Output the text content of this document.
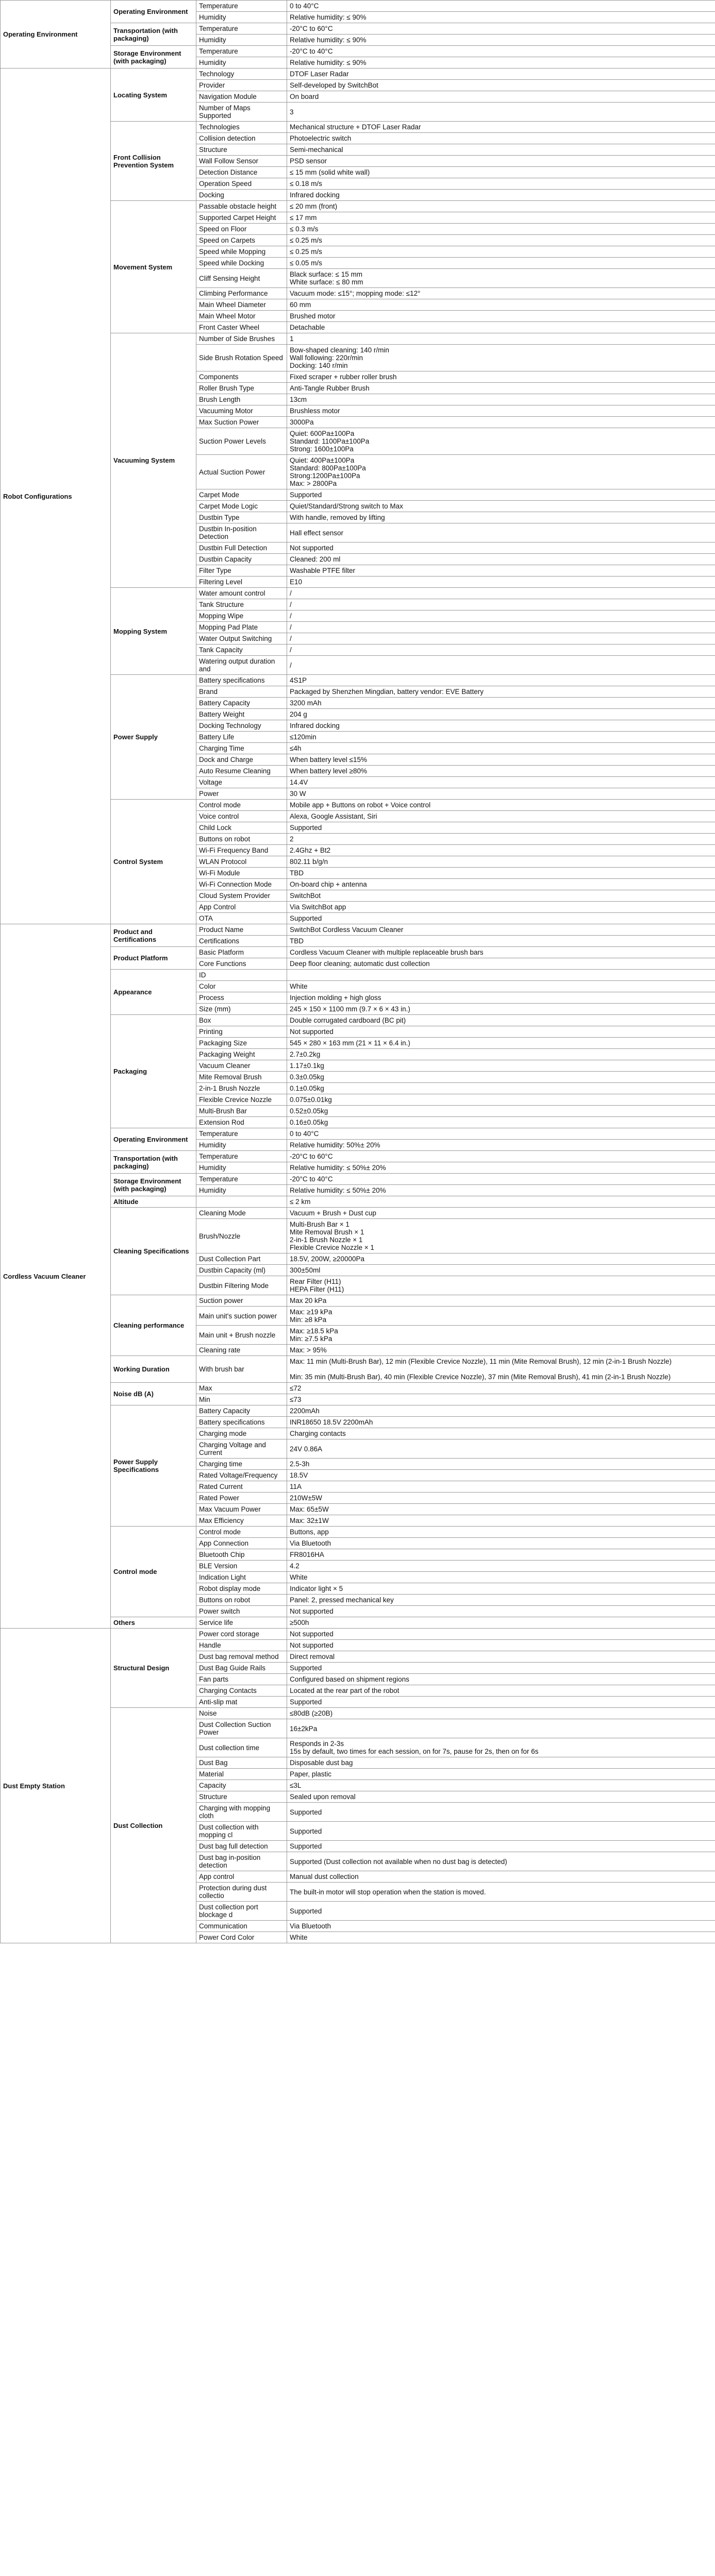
Operating Environment	Operating Environment	Temperature	0 to 40°C
		Humidity	Relative humidity: ≤ 90%
	Transportation (with packaging)	Temperature	-20°C to 60°C
		Humidity	Relative humidity: ≤ 90%
	Storage Environment (with packaging)	Temperature	-20°C to 40°C
		Humidity	Relative humidity: ≤ 90%
Robot Configurations	Locating System	Technology	DTOF Laser Radar
		Provider	Self-developed by SwitchBot
		Navigation Module	On board
		Number of Maps Supported	3
	Front Collision Prevention System	Technologies	Mechanical structure + DTOF Laser Radar
		Collision detection	Photoelectric switch
		Structure	Semi-mechanical
		Wall Follow Sensor	PSD sensor
		Detection Distance	≤ 15 mm (solid white wall)
		Operation Speed	≤ 0.18 m/s
		Docking	Infrared docking
	Movement System	Passable obstacle height	≤ 20 mm (front)
		Supported Carpet Height	≤ 17 mm
		Speed on Floor	≤ 0.3 m/s
		Speed on Carpets	≤ 0.25 m/s
		Speed while Mopping	≤ 0.25 m/s
		Speed while Docking	≤ 0.05 m/s
		Cliff Sensing Height	Black surface: ≤ 15 mm
White surface: ≤ 80 mm
		Climbing Performance	Vacuum mode: ≤15°; mopping mode: ≤12°
		Main Wheel Diameter	60 mm
		Main Wheel Motor	Brushed motor
		Front Caster Wheel	Detachable
	Vacuuming System	Number of Side Brushes	1
		Side Brush Rotation Speed	Bow-shaped cleaning: 140 r/min
Wall following: 220r/min
Docking: 140 r/min
		Components	Fixed scraper + rubber roller brush
		Roller Brush Type	Anti-Tangle Rubber Brush
		Brush Length	13cm
		Vacuuming Motor	Brushless motor
		Max Suction Power	3000Pa
		Suction Power Levels	Quiet: 600Pa±100Pa
Standard: 1100Pa±100Pa
Strong: 1600±100Pa
		Actual Suction Power	Quiet: 400Pa±100Pa
Standard: 800Pa±100Pa
Strong:1200Pa±100Pa
Max: > 2800Pa
		Carpet Mode	Supported
		Carpet Mode Logic	Quiet/Standard/Strong switch to Max
		Dustbin Type	With handle, removed by lifting
		Dustbin In-position Detection	Hall effect sensor
		Dustbin Full Detection	Not supported
		Dustbin Capacity	Cleaned: 200 ml
		Filter Type	Washable PTFE filter
		Filtering Level	E10
	Mopping System	Water amount control	/
		Tank Structure	/
		Mopping Wipe	/
		Mopping Pad Plate	/
		Water Output Switching	/
		Tank Capacity	/
		Watering output duration and	/
	Power Supply	Battery specifications	4S1P
		Brand	Packaged by Shenzhen Mingdian, battery vendor: EVE Battery
		Battery Capacity	3200 mAh
		Battery Weight	204 g
		Docking Technology	Infrared docking
		Battery Life	≤120min
		Charging Time	≤4h
		Dock and Charge	When battery level ≤15%
		Auto Resume Cleaning	When battery level ≥80%
		Voltage	14.4V
		Power	30 W
	Control System	Control mode	Mobile app + Buttons on robot + Voice control
		Voice control	Alexa, Google Assistant, Siri
		Child Lock	Supported
		Buttons on robot	2
		Wi-Fi Frequency Band	2.4Ghz + Bt2
		WLAN Protocol	802.11 b/g/n
		Wi-Fi Module	TBD
		Wi-Fi Connection Mode	On-board chip + antenna
		Cloud System Provider	SwitchBot
		App Control	Via SwitchBot app
		OTA	Supported
Cordless Vacuum Cleaner	Product and Certifications	Product Name	SwitchBot Cordless Vacuum Cleaner
		Certifications	TBD
	Product Platform	Basic Platform	Cordless Vacuum Cleaner with multiple replaceable brush bars
		Core Functions	Deep floor cleaning; automatic dust collection
	Appearance	ID	
		Color	White
		Process	Injection molding + high gloss
		Size (mm)	245 × 150 × 1100 mm (9.7 × 6 × 43 in.)
	Packaging	Box	Double corrugated cardboard (BC pit)
		Printing	Not supported
		Packaging Size	545 × 280 × 163 mm (21 × 11 × 6.4 in.)
		Packaging Weight	2.7±0.2kg
		Vacuum Cleaner	1.17±0.1kg
		Mite Removal Brush	0.3±0.05kg
		2-in-1 Brush Nozzle	0.1±0.05kg
		Flexible Crevice Nozzle	0.075±0.01kg
		Multi-Brush Bar	0.52±0.05kg
		Extension Rod	0.16±0.05kg
	Operating Environment	Temperature	0 to 40°C
		Humidity	Relative humidity: 50%± 20%
	Transportation (with packaging)	Temperature	-20°C to 60°C
		Humidity	Relative humidity: ≤ 50%± 20%
	Storage Environment (with packaging)	Temperature	-20°C to 40°C
		Humidity	Relative humidity: ≤ 50%± 20%
	Altitude		≤ 2 km
	Cleaning Specifications	Cleaning Mode	Vacuum + Brush + Dust cup
		Brush/Nozzle	Multi-Brush Bar × 1
Mite Removal Brush × 1
2-in-1 Brush Nozzle × 1
Flexible Crevice Nozzle × 1
		Dust Collection Part	18.5V, 200W, ≥20000Pa
		Dustbin Capacity (ml)	300±50ml
		Dustbin Filtering Mode	Rear Filter (H11)
HEPA Filter (H11)
	Cleaning performance	Suction power	Max 20 kPa
		Main unit's suction power	Max: ≥19 kPa
Min: ≥8 kPa
		Main unit + Brush nozzle	Max: ≥18.5 kPa
Min: ≥7.5 kPa
		Cleaning rate	Max: > 95%
	Working Duration	With brush bar	Max: 11 min (Multi-Brush Bar), 12 min (Flexible Crevice Nozzle), 11 min (Mite Removal Brush), 12 min (2-in-1 Brush Nozzle)

Min: 35 min (Multi-Brush Bar), 40 min (Flexible Crevice Nozzle), 37 min (Mite Removal Brush), 41 min (2-in-1 Brush Nozzle)
	Noise dB (A)	Max	≤72
		Min	≤73
	Power Supply Specifications	Battery Capacity	2200mAh
		Battery specifications	INR18650 18.5V 2200mAh
		Charging mode	Charging contacts
		Charging Voltage and Current	24V 0.86A
		Charging time	2.5-3h
		Rated Voltage/Frequency	18.5V
		Rated Current	11A
		Rated Power	210W±5W
		Max Vacuum Power	Max: 65±5W
		Max Efficiency	Max: 32±1W
	Control mode	Control mode	Buttons, app
		App Connection	Via Bluetooth
		Bluetooth Chip	FR8016HA
		BLE Version	4.2
		Indication Light	White
		Robot display mode	Indicator light × 5
		Buttons on robot	Panel: 2, pressed mechanical key
		Power switch	Not supported
	Others	Service life	≥500h
Dust Empty Station	Structural Design	Power cord storage	Not supported
		Handle	Not supported
		Dust bag removal method	Direct removal
		Dust Bag Guide Rails	Supported
		Fan parts	Configured based on shipment regions
		Charging Contacts	Located at the rear part of the robot
		Anti-slip mat	Supported
	Dust Collection	Noise	≤80dB (≥20B)
		Dust Collection Suction Power	16±2kPa
		Dust collection time	Responds in 2-3s
15s by default, two times for each session, on for 7s, pause for 2s, then on for 6s
		Dust Bag	Disposable dust bag
		Material	Paper, plastic
		Capacity	≤3L
		Structure	Sealed upon removal
		Charging with mopping cloth	Supported
		Dust collection with mopping cl	Supported
		Dust bag full detection	Supported
		Dust bag in-position detection	Supported (Dust collection not available when no dust bag is detected)
		App control	Manual dust collection
		Protection during dust collectio	The built-in motor will stop operation when the station is moved.
		Dust collection port blockage d	Supported
		Communication	Via Bluetooth
		Power Cord Color	White
